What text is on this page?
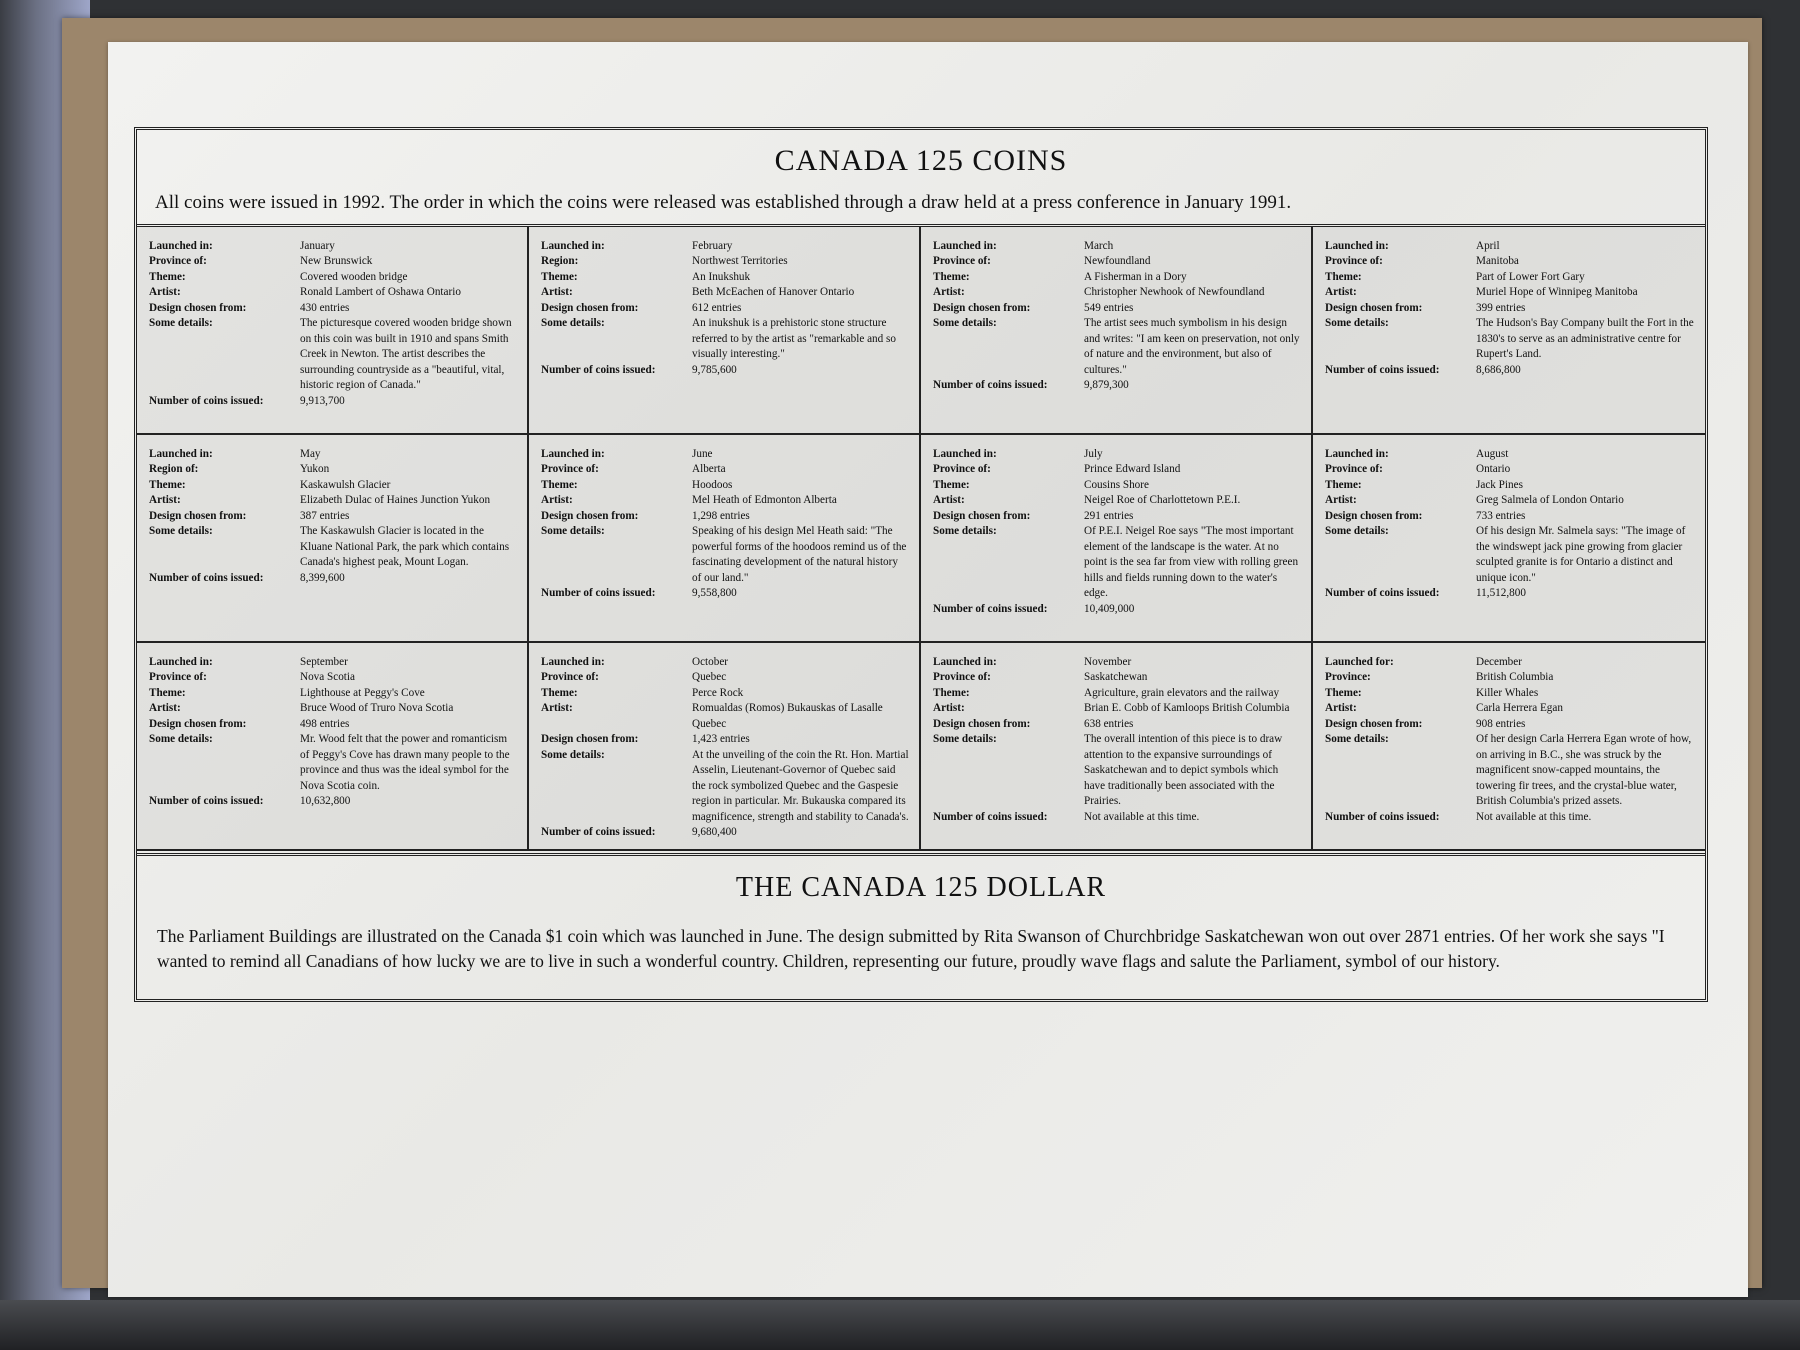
CANADA 125 COINS

All coins were issued in 1992. The order in which the coins were released was established through a draw held at a press conference in January 1991.

Launched in:	January
Province of:	New Brunswick
Theme:	Covered wooden bridge
Artist:	Ronald Lambert of Oshawa Ontario
Design chosen from:	430 entries
Some details:	The picturesque covered wooden bridge shown on this coin was built in 1910 and spans Smith Creek in Newton. The artist describes the surrounding countryside as a "beautiful, vital, historic region of Canada."
Number of coins issued:	9,913,700
Launched in:	February
Region:	Northwest Territories
Theme:	An Inukshuk
Artist:	Beth McEachen of Hanover Ontario
Design chosen from:	612 entries
Some details:	An inukshuk is a prehistoric stone structure referred to by the artist as "remarkable and so visually interesting."
Number of coins issued:	9,785,600
Launched in:	March
Province of:	Newfoundland
Theme:	A Fisherman in a Dory
Artist:	Christopher Newhook of Newfoundland
Design chosen from:	549 entries
Some details:	The artist sees much symbolism in his design and writes: "I am keen on preservation, not only of nature and the environment, but also of cultures."
Number of coins issued:	9,879,300
Launched in:	April
Province of:	Manitoba
Theme:	Part of Lower Fort Gary
Artist:	Muriel Hope of Winnipeg Manitoba
Design chosen from:	399 entries
Some details:	The Hudson's Bay Company built the Fort in the 1830's to serve as an administrative centre for Rupert's Land.
Number of coins issued:	8,686,800
Launched in:	May
Region of:	Yukon
Theme:	Kaskawulsh Glacier
Artist:	Elizabeth Dulac of Haines Junction Yukon
Design chosen from:	387 entries
Some details:	The Kaskawulsh Glacier is located in the Kluane National Park, the park which contains Canada's highest peak, Mount Logan.
Number of coins issued:	8,399,600
Launched in:	June
Province of:	Alberta
Theme:	Hoodoos
Artist:	Mel Heath of Edmonton Alberta
Design chosen from:	1,298 entries
Some details:	Speaking of his design Mel Heath said: "The powerful forms of the hoodoos remind us of the fascinating development of the natural history of our land."
Number of coins issued:	9,558,800
Launched in:	July
Province of:	Prince Edward Island
Theme:	Cousins Shore
Artist:	Neigel Roe of Charlottetown P.E.I.
Design chosen from:	291 entries
Some details:	Of P.E.I. Neigel Roe says "The most important element of the landscape is the water. At no point is the sea far from view with rolling green hills and fields running down to the water's edge.
Number of coins issued:	10,409,000
Launched in:	August
Province of:	Ontario
Theme:	Jack Pines
Artist:	Greg Salmela of London Ontario
Design chosen from:	733 entries
Some details:	Of his design Mr. Salmela says: "The image of the windswept jack pine growing from glacier sculpted granite is for Ontario a distinct and unique icon."
Number of coins issued:	11,512,800
Launched in:	September
Province of:	Nova Scotia
Theme:	Lighthouse at Peggy's Cove
Artist:	Bruce Wood of Truro Nova Scotia
Design chosen from:	498 entries
Some details:	Mr. Wood felt that the power and romanticism of Peggy's Cove has drawn many people to the province and thus was the ideal symbol for the Nova Scotia coin.
Number of coins issued:	10,632,800
Launched in:	October
Province of:	Quebec
Theme:	Perce Rock
Artist:	Romualdas (Romos) Bukauskas of Lasalle Quebec
Design chosen from:	1,423 entries
Some details:	At the unveiling of the coin the Rt. Hon. Martial Asselin, Lieutenant-Governor of Quebec said the rock symbolized Quebec and the Gaspesie region in particular. Mr. Bukauska compared its magnificence, strength and stability to Canada's.
Number of coins issued:	9,680,400
Launched in:	November
Province of:	Saskatchewan
Theme:	Agriculture, grain elevators and the railway
Artist:	Brian E. Cobb of Kamloops British Columbia
Design chosen from:	638 entries
Some details:	The overall intention of this piece is to draw attention to the expansive surroundings of Saskatchewan and to depict symbols which have traditionally been associated with the Prairies.
Number of coins issued:	Not available at this time.
Launched for:	December
Province:	British Columbia
Theme:	Killer Whales
Artist:	Carla Herrera Egan
Design chosen from:	908 entries
Some details:	Of her design Carla Herrera Egan wrote of how, on arriving in B.C., she was struck by the magnificent snow-capped mountains, the towering fir trees, and the crystal-blue water, British Columbia's prized assets.
Number of coins issued:	Not available at this time.
THE CANADA 125 DOLLAR

The Parliament Buildings are illustrated on the Canada $1 coin which was launched in June. The design submitted by Rita Swanson of Churchbridge Saskatchewan won out over 2871 entries. Of her work she says "I wanted to remind all Canadians of how lucky we are to live in such a wonderful country. Children, representing our future, proudly wave flags and salute the Parliament, symbol of our history.
